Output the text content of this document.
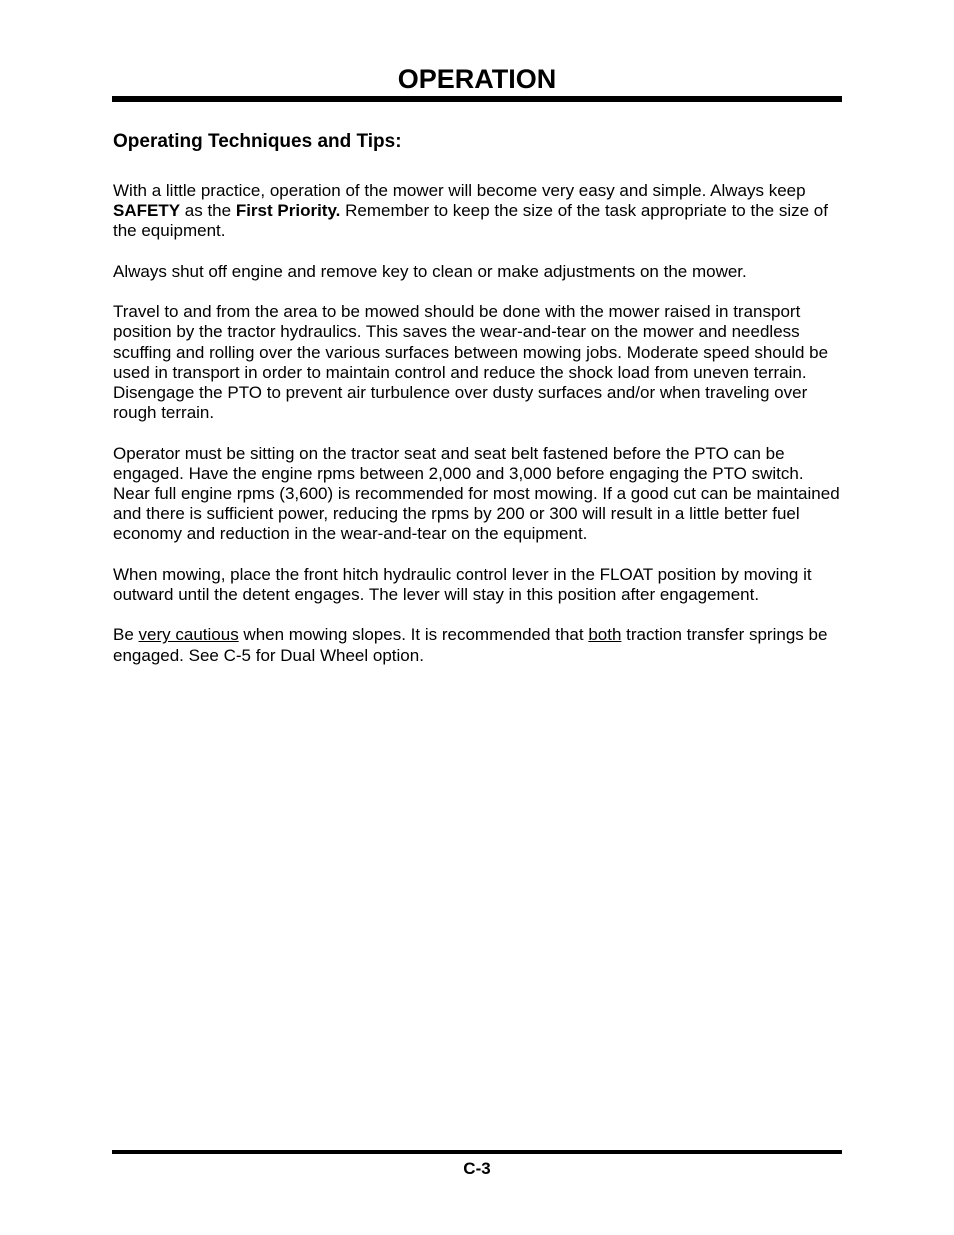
OPERATION
Operating Techniques and Tips:

With a little practice, operation of the mower will become very easy and simple. Always keep SAFETY as the First Priority. Remember to keep the size of the task appropriate to the size of the equipment.

Always shut off engine and remove key to clean or make adjustments on the mower.

Travel to and from the area to be mowed should be done with the mower raised in transport position by the tractor hydraulics. This saves the wear-and-tear on the mower and needless scuffing and rolling over the various surfaces between mowing jobs. Moderate speed should be used in transport in order to maintain control and reduce the shock load from uneven terrain. Disengage the PTO to prevent air turbulence over dusty surfaces and/or when traveling over rough terrain.

Operator must be sitting on the tractor seat and seat belt fastened before the PTO can be engaged. Have the engine rpms between 2,000 and 3,000 before engaging the PTO switch. Near full engine rpms (3,600) is recommended for most mowing. If a good cut can be maintained and there is sufficient power, reducing the rpms by 200 or 300 will result in a little better fuel economy and reduction in the wear-and-tear on the equipment.

When mowing, place the front hitch hydraulic control lever in the FLOAT position by moving it outward until the detent engages. The lever will stay in this position after engagement.

Be very cautious when mowing slopes. It is recommended that both traction transfer springs be engaged. See C-5 for Dual Wheel option.

C-3
